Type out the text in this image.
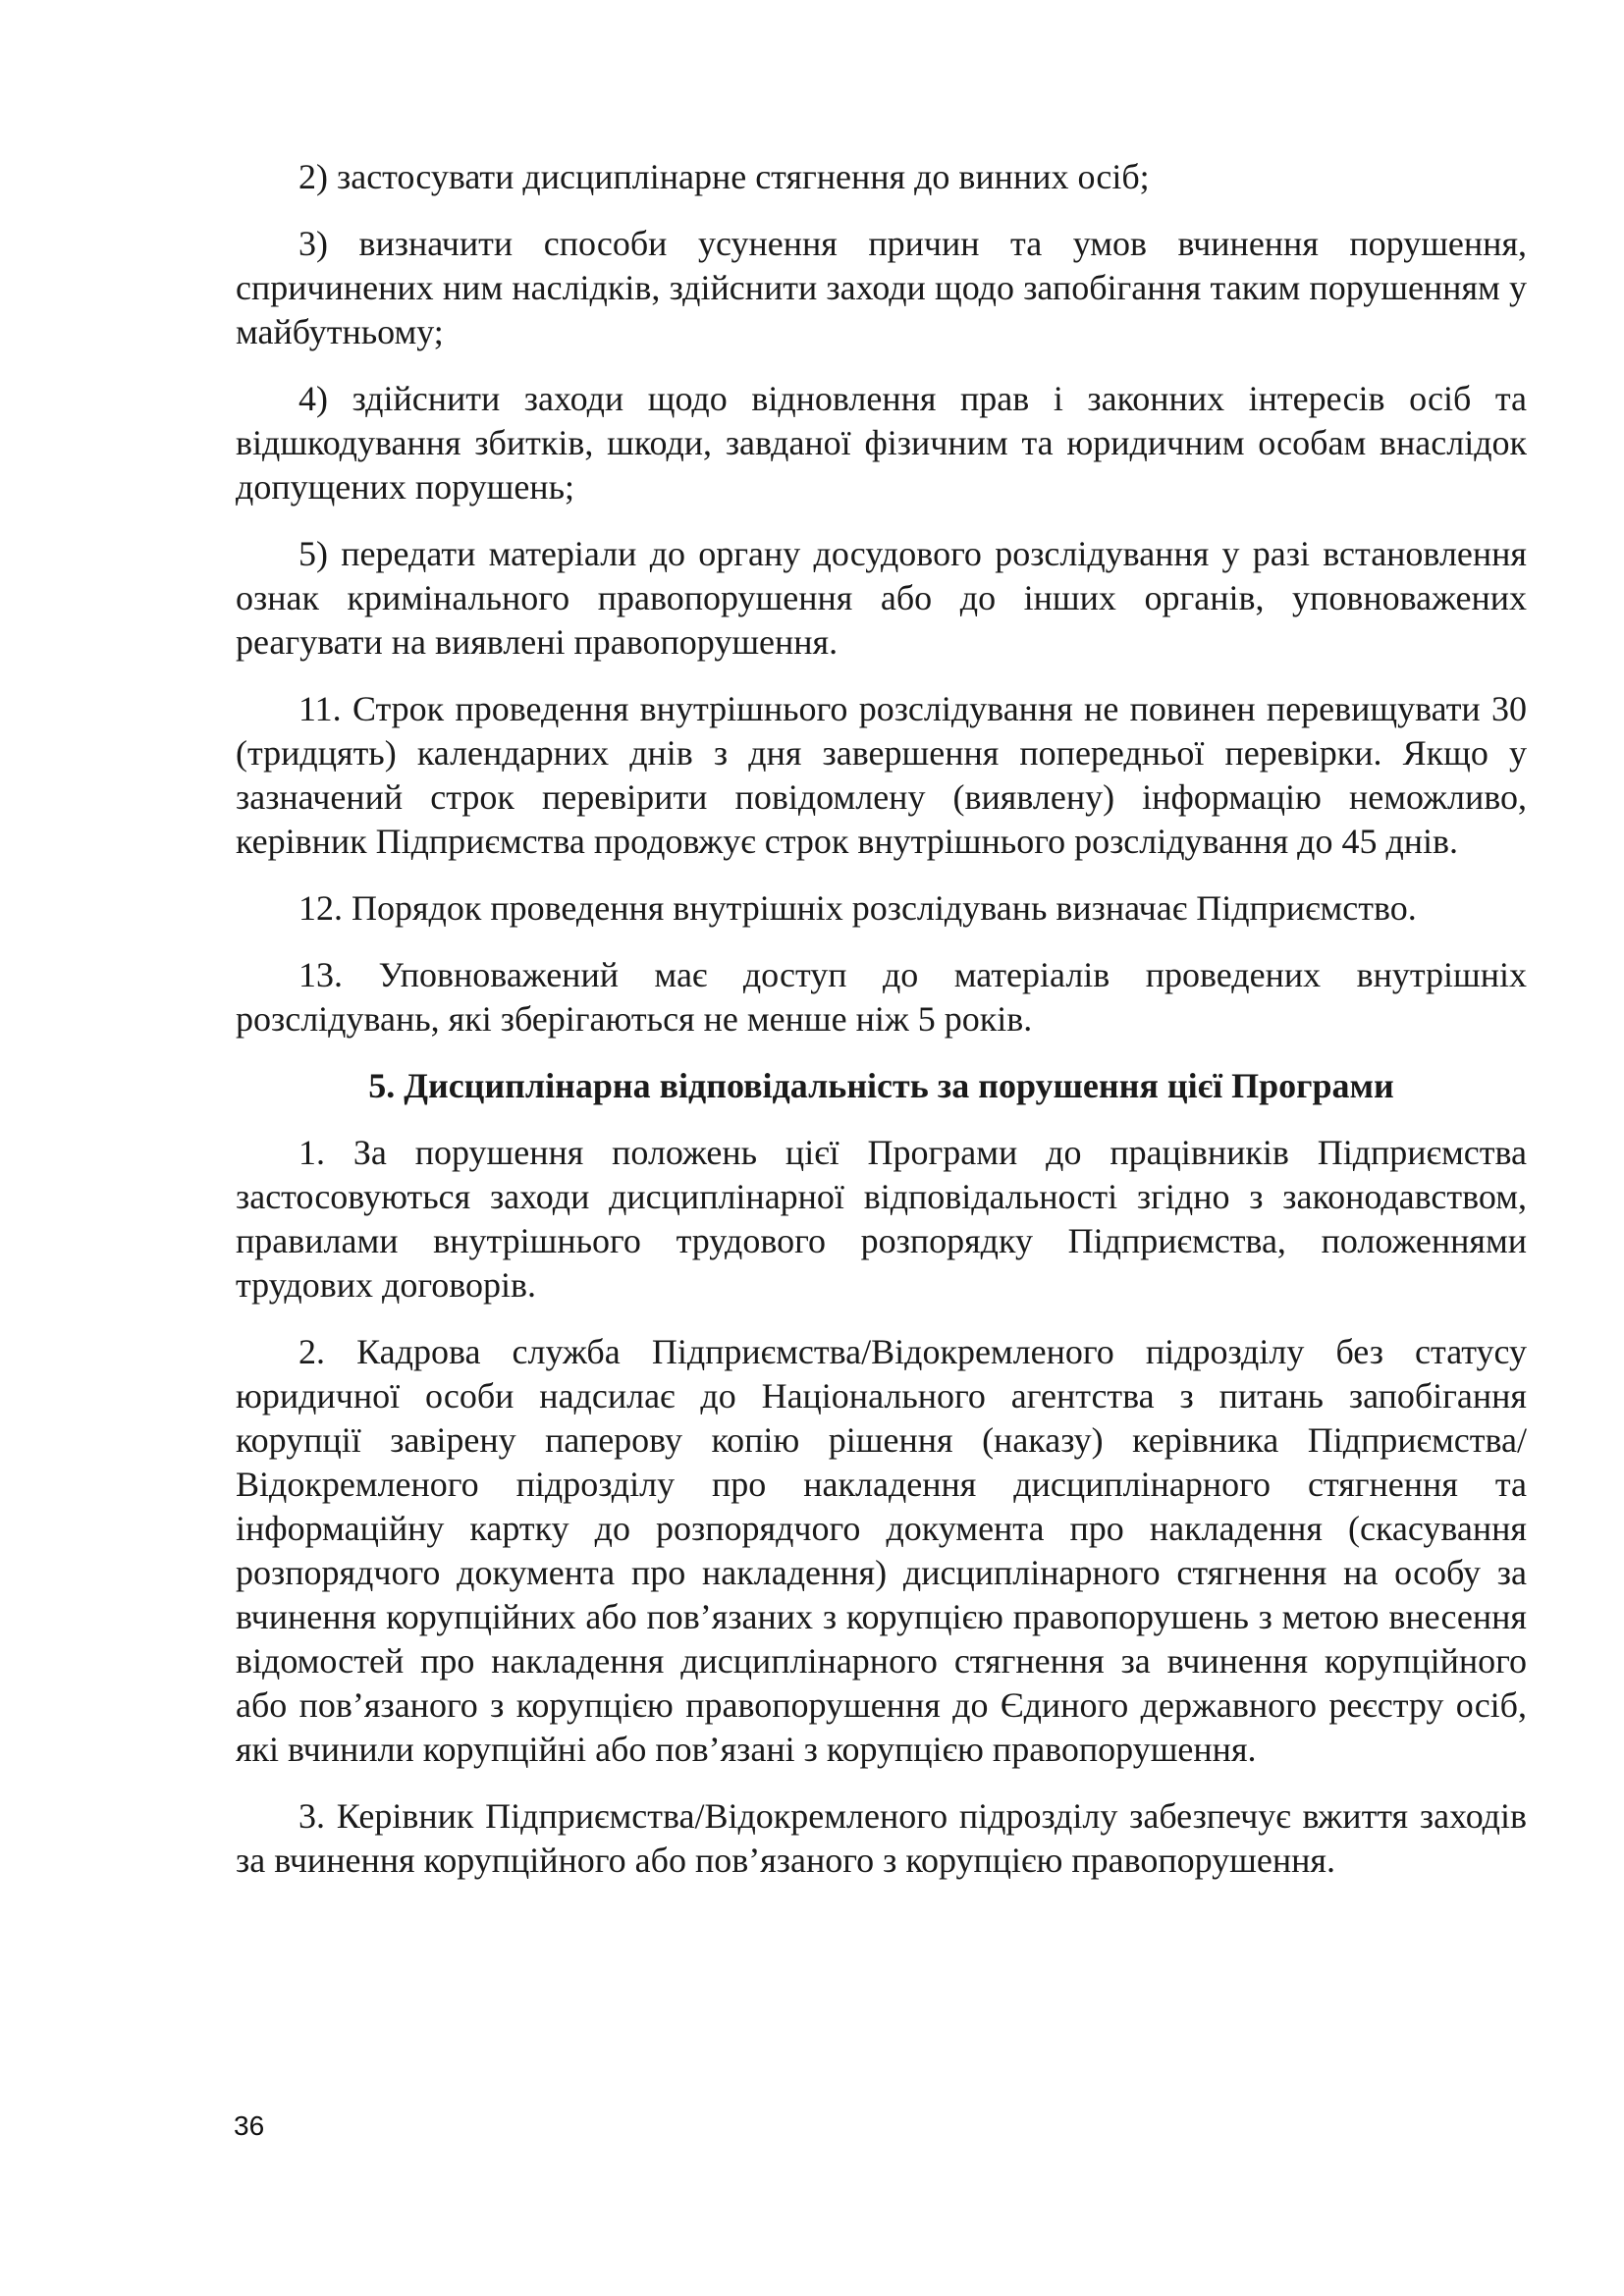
2) застосувати дисциплінарне стягнення до винних осіб;

3) визначити способи усунення причин та умов вчинення порушення, спричинених ним наслідків, здійснити заходи щодо запобігання таким порушенням у майбутньому;

4) здійснити заходи щодо відновлення прав і законних інтересів осіб та відшкодування збитків, шкоди, завданої фізичним та юридичним особам внаслідок допущених порушень;

5) передати матеріали до органу досудового розслідування у разі встановлення ознак кримінального правопорушення або до інших органів, уповноважених реагувати на виявлені правопорушення.

11. Строк проведення внутрішнього розслідування не повинен перевищувати 30 (тридцять) календарних днів з дня завершення попередньої перевірки. Якщо у зазначений строк перевірити повідомлену (виявлену) інформацію неможливо, керівник Підприємства продовжує строк внутрішнього розслідування до 45 днів.

12. Порядок проведення внутрішніх розслідувань визначає Підприємство.

13. Уповноважений має доступ до матеріалів проведених внутрішніх розслідувань, які зберігаються не менше ніж 5 років.

5. Дисциплінарна відповідальність за порушення цієї Програми

1. За порушення положень цієї Програми до працівників Підприємства застосовуються заходи дисциплінарної відповідальності згідно з законодавством, правилами внутрішнього трудового розпорядку Підприємства, положеннями трудових договорів.

2. Кадрова служба Підприємства/Відокремленого підрозділу без статусу юридичної особи надсилає до Національного агентства з питань запобігання корупції завірену паперову копію рішення (наказу) керівника Підприємства/Відокремленого підрозділу про накладення дисциплінарного стягнення та інформаційну картку до розпорядчого документа про накладення (скасування розпорядчого документа про накладення) дисциплінарного стягнення на особу за вчинення корупційних або пов’язаних з корупцією правопорушень з метою внесення відомостей про накладення дисциплінарного стягнення за вчинення корупційного або пов’язаного з корупцією правопорушення до Єдиного державного реєстру осіб, які вчинили корупційні або пов’язані з корупцією правопорушення.

3. Керівник Підприємства/Відокремленого підрозділу забезпечує вжиття заходів за вчинення корупційного або пов’язаного з корупцією правопорушення.

36
